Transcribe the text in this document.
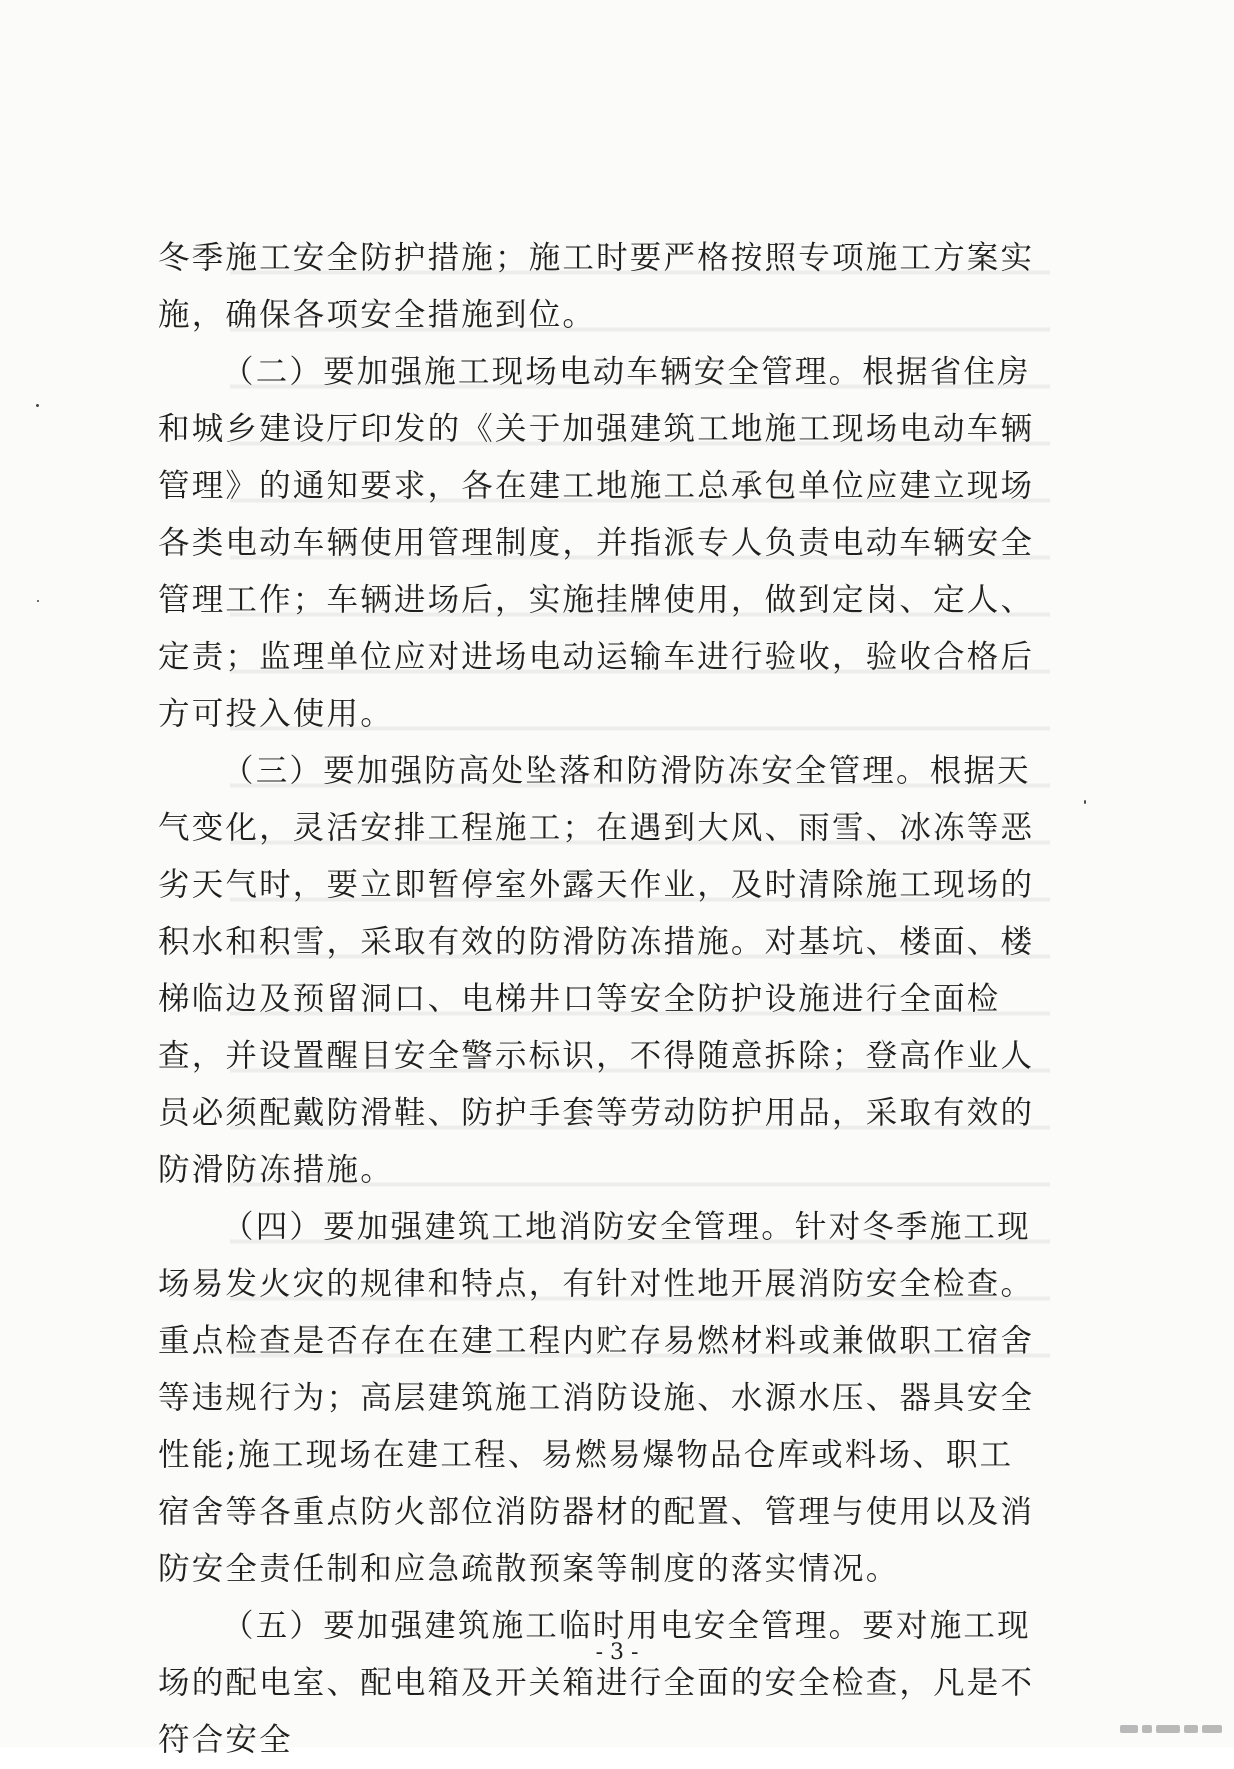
冬季施工安全防护措施；施工时要严格按照专项施工方案实施，确保各项安全措施到位。

（二）要加强施工现场电动车辆安全管理。根据省住房和城乡建设厅印发的《关于加强建筑工地施工现场电动车辆管理》的通知要求，各在建工地施工总承包单位应建立现场各类电动车辆使用管理制度，并指派专人负责电动车辆安全管理工作；车辆进场后，实施挂牌使用，做到定岗、定人、定责；监理单位应对进场电动运输车进行验收，验收合格后方可投入使用。

（三）要加强防高处坠落和防滑防冻安全管理。根据天气变化，灵活安排工程施工；在遇到大风、雨雪、冰冻等恶劣天气时，要立即暂停室外露天作业，及时清除施工现场的积水和积雪，采取有效的防滑防冻措施。对基坑、楼面、楼梯临边及预留洞口、电梯井口等安全防护设施进行全面检查，并设置醒目安全警示标识，不得随意拆除；登高作业人员必须配戴防滑鞋、防护手套等劳动防护用品，采取有效的防滑防冻措施。

（四）要加强建筑工地消防安全管理。针对冬季施工现场易发火灾的规律和特点，有针对性地开展消防安全检查。重点检查是否存在在建工程内贮存易燃材料或兼做职工宿舍等违规行为；高层建筑施工消防设施、水源水压、器具安全性能;施工现场在建工程、易燃易爆物品仓库或料场、职工宿舍等各重点防火部位消防器材的配置、管理与使用以及消防安全责任制和应急疏散预案等制度的落实情况。

（五）要加强建筑施工临时用电安全管理。要对施工现场的配电室、配电箱及开关箱进行全面的安全检查，凡是不符合安全

- 3 -
